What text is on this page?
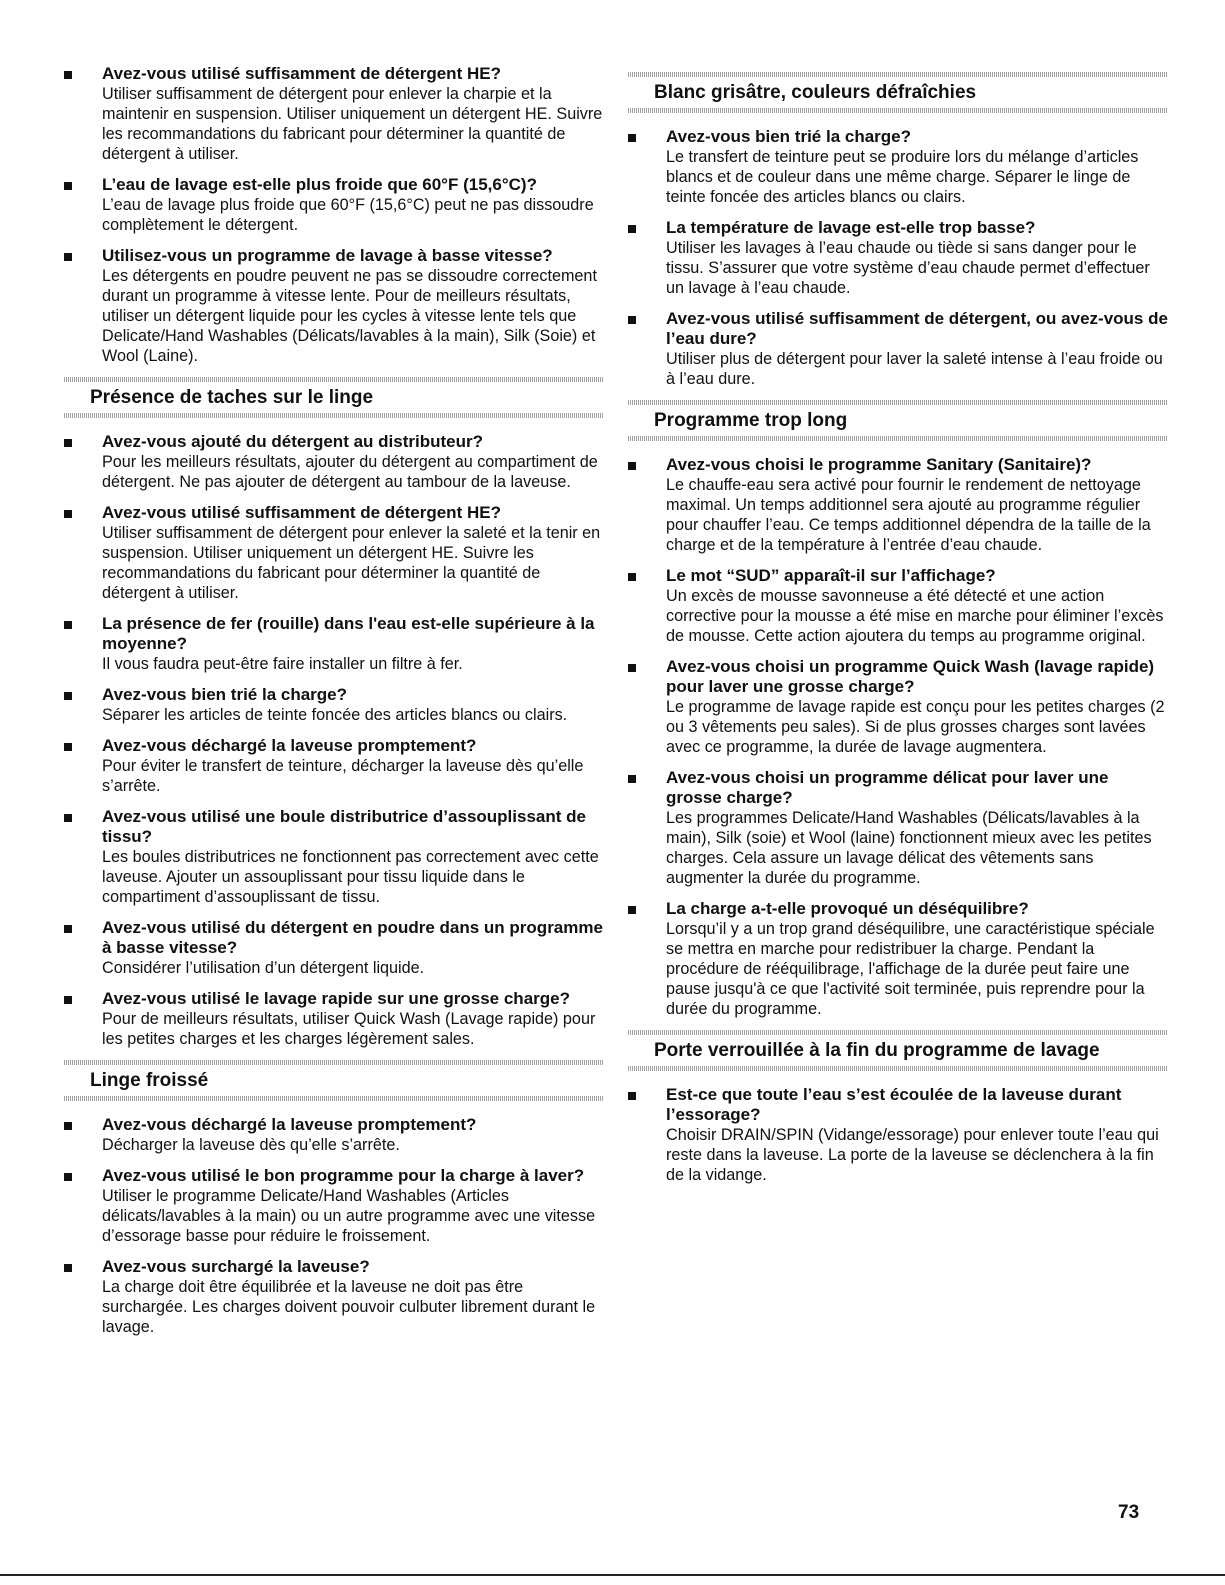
Avez-vous utilisé suffisamment de détergent HE?
Utiliser suffisamment de détergent pour enlever la charpie et la maintenir en suspension. Utiliser uniquement un détergent HE. Suivre les recommandations du fabricant pour déterminer la quantité de détergent à utiliser.
L’eau de lavage est-elle plus froide que 60°F (15,6°C)?
L’eau de lavage plus froide que 60°F (15,6°C) peut ne pas dissoudre complètement le détergent.
Utilisez-vous un programme de lavage à basse vitesse?
Les détergents en poudre peuvent ne pas se dissoudre correctement durant un programme à vitesse lente. Pour de meilleurs résultats, utiliser un détergent liquide pour les cycles à vitesse lente tels que Delicate/Hand Washables (Délicats/lavables à la main), Silk (Soie) et Wool (Laine).
Présence de taches sur le linge
Avez-vous ajouté du détergent au distributeur?
Pour les meilleurs résultats, ajouter du détergent au compartiment de détergent. Ne pas ajouter de détergent au tambour de la laveuse.
Avez-vous utilisé suffisamment de détergent HE?
Utiliser suffisamment de détergent pour enlever la saleté et la tenir en suspension. Utiliser uniquement un détergent HE. Suivre les recommandations du fabricant pour déterminer la quantité de détergent à utiliser.
La présence de fer (rouille) dans l'eau est-elle supérieure à la moyenne?
Il vous faudra peut-être faire installer un filtre à fer.
Avez-vous bien trié la charge?
Séparer les articles de teinte foncée des articles blancs ou clairs.
Avez-vous déchargé la laveuse promptement?
Pour éviter le transfert de teinture, décharger la laveuse dès qu’elle s’arrête.
Avez-vous utilisé une boule distributrice d’assouplissant de tissu?
Les boules distributrices ne fonctionnent pas correctement avec cette laveuse. Ajouter un assouplissant pour tissu liquide dans le compartiment d’assouplissant de tissu.
Avez-vous utilisé du détergent en poudre dans un programme à basse vitesse?
Considérer l’utilisation d’un détergent liquide.
Avez-vous utilisé le lavage rapide sur une grosse charge?
Pour de meilleurs résultats, utiliser Quick Wash (Lavage rapide) pour les petites charges et les charges légèrement sales.
Linge froissé
Avez-vous déchargé la laveuse promptement?
Décharger la laveuse dès qu’elle s’arrête.
Avez-vous utilisé le bon programme pour la charge à laver?
Utiliser le programme Delicate/Hand Washables (Articles délicats/lavables à la main) ou un autre programme avec une vitesse d’essorage basse pour réduire le froissement.
Avez-vous surchargé la laveuse?
La charge doit être équilibrée et la laveuse ne doit pas être surchargée. Les charges doivent pouvoir culbuter librement durant le lavage.
Blanc grisâtre, couleurs défraîchies
Avez-vous bien trié la charge?
Le transfert de teinture peut se produire lors du mélange d’articles blancs et de couleur dans une même charge. Séparer le linge de teinte foncée des articles blancs ou clairs.
La température de lavage est-elle trop basse?
Utiliser les lavages à l’eau chaude ou tiède si sans danger pour le tissu. S’assurer que votre système d’eau chaude permet d’effectuer un lavage à l’eau chaude.
Avez-vous utilisé suffisamment de détergent, ou avez-vous de l’eau dure?
Utiliser plus de détergent pour laver la saleté intense à l’eau froide ou à l’eau dure.
Programme trop long
Avez-vous choisi le programme Sanitary (Sanitaire)?
Le chauffe-eau sera activé pour fournir le rendement de nettoyage maximal. Un temps additionnel sera ajouté au programme régulier pour chauffer l’eau. Ce temps additionnel dépendra de la taille de la charge et de la température à l’entrée d’eau chaude.
Le mot “SUD” apparaît-il sur l’affichage?
Un excès de mousse savonneuse a été détecté et une action corrective pour la mousse a été mise en marche pour éliminer l’excès de mousse. Cette action ajoutera du temps au programme original.
Avez-vous choisi un programme Quick Wash (lavage rapide) pour laver une grosse charge?
Le programme de lavage rapide est conçu pour les petites charges (2 ou 3 vêtements peu sales). Si de plus grosses charges sont lavées avec ce programme, la durée de lavage augmentera.
Avez-vous choisi un programme délicat pour laver une grosse charge?
Les programmes Delicate/Hand Washables (Délicats/lavables à la main), Silk (soie) et Wool (laine) fonctionnent mieux avec les petites charges. Cela assure un lavage délicat des vêtements sans augmenter la durée du programme.
La charge a-t-elle provoqué un déséquilibre?
Lorsqu’il y a un trop grand déséquilibre, une caractéristique spéciale se mettra en marche pour redistribuer la charge. Pendant la procédure de rééquilibrage, l'affichage de la durée peut faire une pause jusqu'à ce que l'activité soit terminée, puis reprendre pour la durée du programme.
Porte verrouillée à la fin du programme de lavage
Est-ce que toute l’eau s’est écoulée de la laveuse durant l’essorage?
Choisir DRAIN/SPIN (Vidange/essorage) pour enlever toute l’eau qui reste dans la laveuse. La porte de la laveuse se déclenchera à la fin de la vidange.
73
